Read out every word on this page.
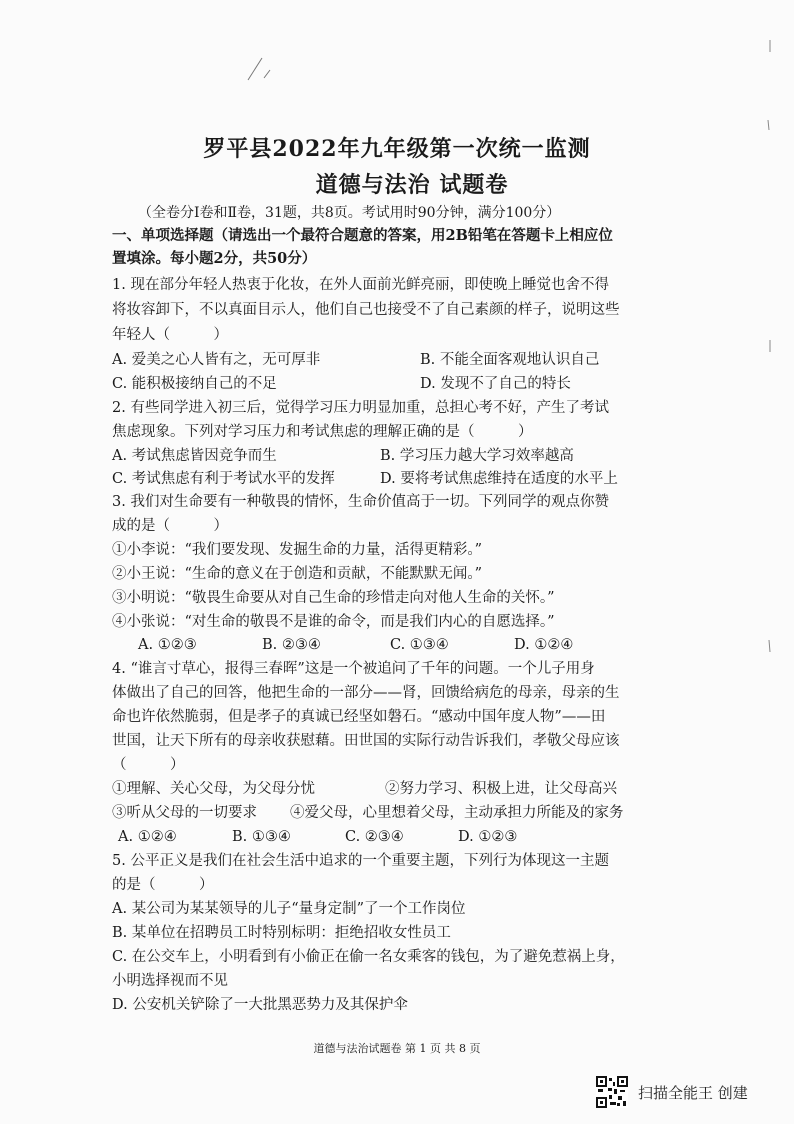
罗平县2022年九年级第一次统一监测
道德与法治 试题卷
（全卷分Ⅰ卷和Ⅱ卷，31题，共8页。考试用时90分钟，满分100分）
一、单项选择题（请选出一个最符合题意的答案，用2B铅笔在答题卡上相应位
置填涂。每小题2分，共50分）
1. 现在部分年轻人热衷于化妆，在外人面前光鲜亮丽，即使晚上睡觉也舍不得
将妆容卸下，不以真面目示人，他们自己也接受不了自己素颜的样子，说明这些
年轻人（　　　）
A. 爱美之心人皆有之，无可厚非	B. 不能全面客观地认识自己
C. 能积极接纳自己的不足	D. 发现不了自己的特长
2. 有些同学进入初三后，觉得学习压力明显加重，总担心考不好，产生了考试
焦虑现象。下列对学习压力和考试焦虑的理解正确的是（　　　）
A. 考试焦虑皆因竞争而生	B. 学习压力越大学习效率越高
C. 考试焦虑有利于考试水平的发挥	D. 要将考试焦虑维持在适度的水平上
3. 我们对生命要有一种敬畏的情怀，生命价值高于一切。下列同学的观点你赞
成的是（　　　）
①小李说：“我们要发现、发掘生命的力量，活得更精彩。”
②小王说：“生命的意义在于创造和贡献，不能默默无闻。”
③小明说：“敬畏生命要从对自己生命的珍惜走向对他人生命的关怀。”
④小张说：“对生命的敬畏不是谁的命令，而是我们内心的自愿选择。”
A. ①②③	B. ②③④	C. ①③④	D. ①②④
4. “谁言寸草心，报得三春晖”这是一个被追问了千年的问题。一个儿子用身
体做出了自己的回答，他把生命的一部分——肾，回馈给病危的母亲，母亲的生
命也许依然脆弱，但是孝子的真诚已经坚如磐石。“感动中国年度人物”——田
世国，让天下所有的母亲收获慰藉。田世国的实际行动告诉我们，孝敬父母应该
（　　　）
①理解、关心父母，为父母分忧	②努力学习、积极上进，让父母高兴
③听从父母的一切要求 ④爱父母，心里想着父母，主动承担力所能及的家务
A. ①②④	B. ①③④	C. ②③④	D. ①②③
5. 公平正义是我们在社会生活中追求的一个重要主题，下列行为体现这一主题
的是（　　　）
A. 某公司为某某领导的儿子“量身定制”了一个工作岗位
B. 某单位在招聘员工时特别标明：拒绝招收女性员工
C. 在公交车上，小明看到有小偷正在偷一名女乘客的钱包，为了避免惹祸上身，
小明选择视而不见
D. 公安机关铲除了一大批黑恶势力及其保护伞
道德与法治试题卷 第 1 页 共 8 页
扫描全能王 创建
